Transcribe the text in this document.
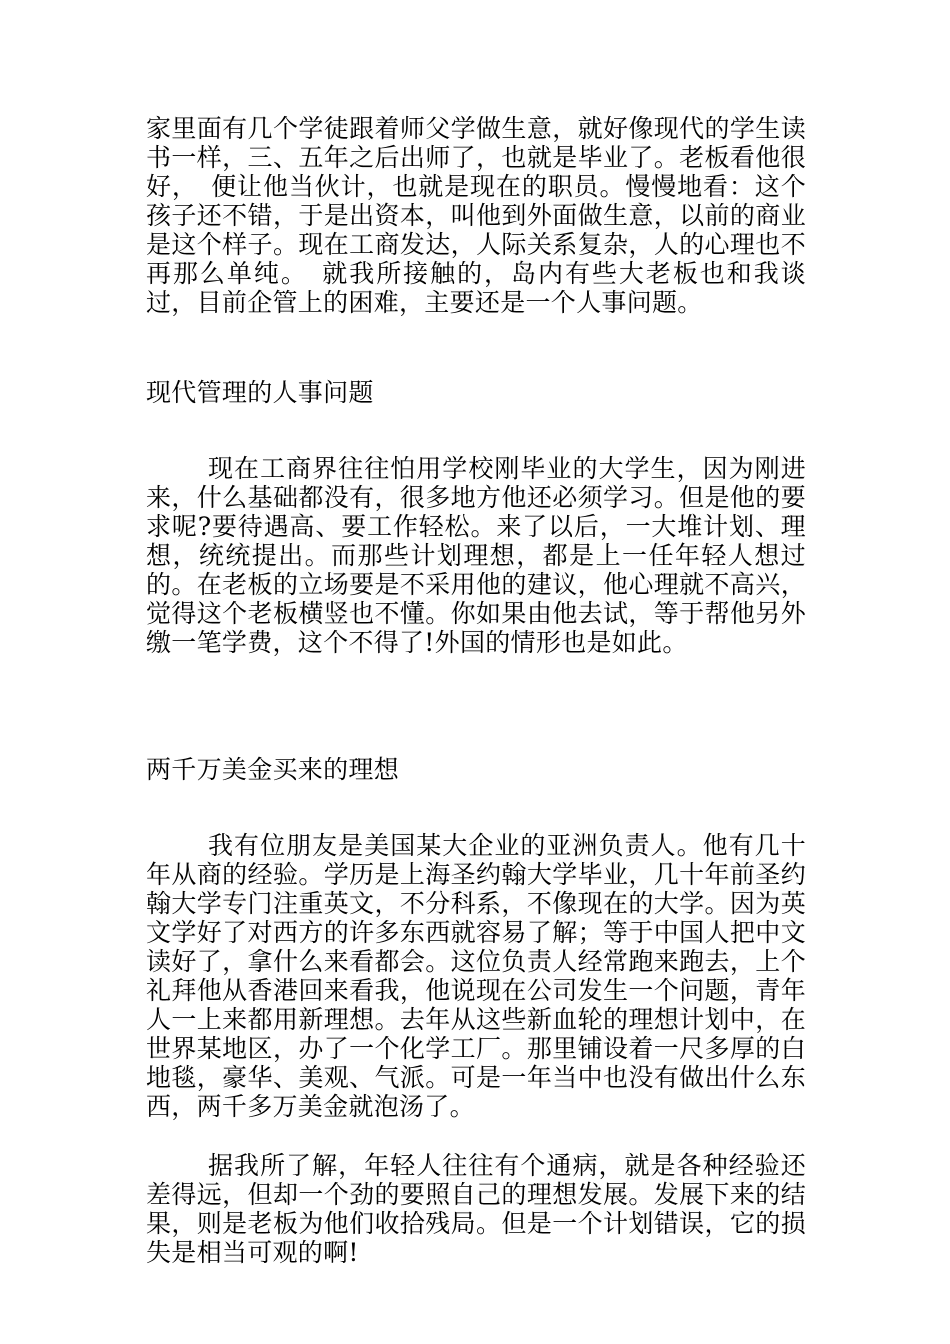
家里面有几个学徒跟着师父学做生意，就好像现代的学生读书一样，三、五年之后出师了，也就是毕业了。老板看他很好，　便让他当伙计，也就是现在的职员。慢慢地看：这个孩子还不错，于是出资本，叫他到外面做生意，以前的商业是这个样子。现在工商发达，人际关系复杂，人的心理也不再那么单纯。　就我所接触的，岛内有些大老板也和我谈过，目前企管上的困难，主要还是一个人事问题。

现代管理的人事问题

现在工商界往往怕用学校刚毕业的大学生，因为刚进来，什么基础都没有，很多地方他还必须学习。但是他的要求呢?要待遇高、要工作轻松。来了以后，一大堆计划、理想，统统提出。而那些计划理想，都是上一任年轻人想过的。在老板的立场要是不采用他的建议，他心理就不高兴，觉得这个老板横竖也不懂。你如果由他去试，等于帮他另外缴一笔学费，这个不得了!外国的情形也是如此。

两千万美金买来的理想

我有位朋友是美国某大企业的亚洲负责人。他有几十年从商的经验。学历是上海圣约翰大学毕业，几十年前圣约翰大学专门注重英文，不分科系，不像现在的大学。因为英文学好了对西方的许多东西就容易了解；等于中国人把中文读好了，拿什么来看都会。这位负责人经常跑来跑去，上个礼拜他从香港回来看我，他说现在公司发生一个问题，青年人一上来都用新理想。去年从这些新血轮的理想计划中，在世界某地区，办了一个化学工厂。那里铺设着一尺多厚的白地毯，豪华、美观、气派。可是一年当中也没有做出什么东西，两千多万美金就泡汤了。

据我所了解，年轻人往往有个通病，就是各种经验还差得远，但却一个劲的要照自己的理想发展。发展下来的结果，则是老板为他们收拾残局。但是一个计划错误，它的损失是相当可观的啊!
